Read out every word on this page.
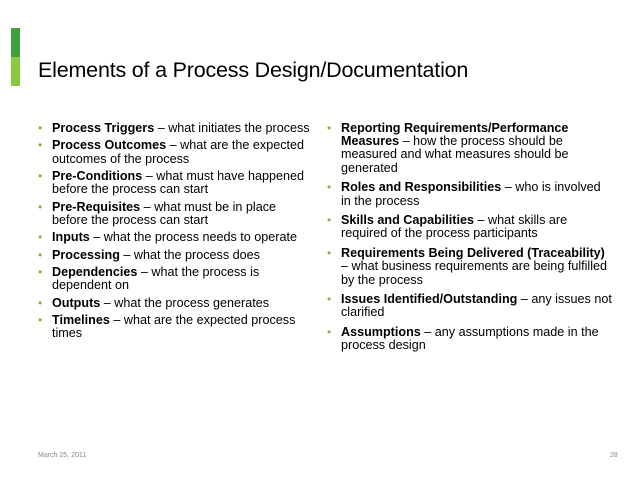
Elements of a Process Design/Documentation
• Process Triggers – what initiates the process
• Process Outcomes – what are the expected outcomes of the process
• Pre-Conditions – what must have happened before the process can start
• Pre-Requisites – what must be in place before the process can start
• Inputs – what the process needs to operate
• Processing – what the process does
• Dependencies – what the process is dependent on
• Outputs – what the process generates
• Timelines – what are the expected process times
• Reporting Requirements/Performance Measures – how the process should be measured and what measures should be generated
• Roles and Responsibilities – who is involved in the process
• Skills and Capabilities – what skills are required of the process participants
• Requirements Being Delivered (Traceability) – what business requirements are being fulfilled by the process
• Issues Identified/Outstanding – any issues not clarified
• Assumptions – any assumptions made in the process design
March 25, 2011	28
